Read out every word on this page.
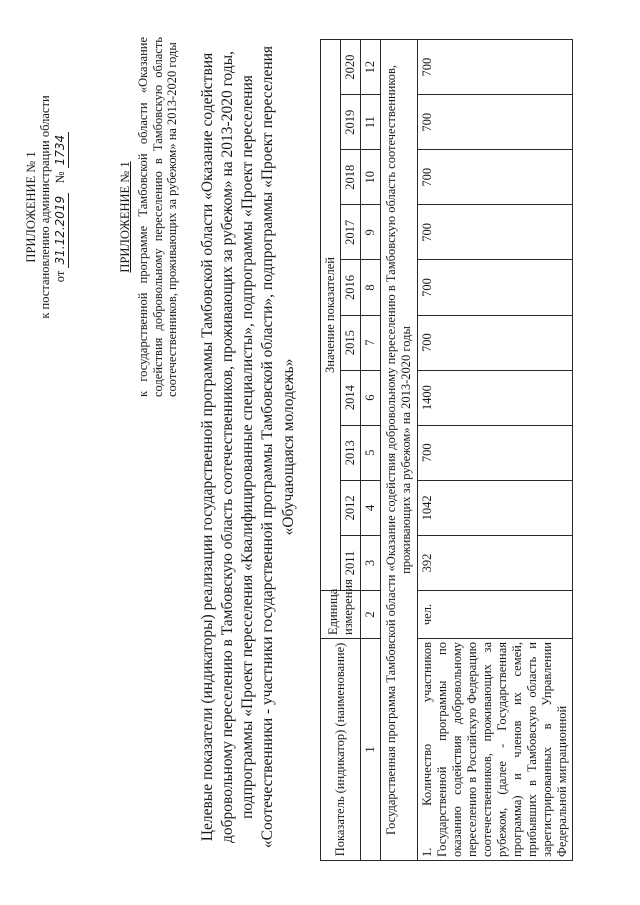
ПРИЛОЖЕНИЕ № 1 к постановлению администрации области от 31.12.2019   № 1734
ПРИЛОЖЕНИЕ № 1 к государственной программе Тамбовской области «Оказание содействия добровольному переселению в Тамбовскую область соотечественников, проживающих за рубежом» на 2013-2020 годы Целевые показатели (индикаторы) реализации государственной программы Тамбовской области «Оказание содействия добровольному переселению в Тамбовскую область соотечественников, проживающих за рубежом» на 2013-2020 годы, подпрограммы «Проект переселения «Квалифицированные специалисты», подпрограммы «Проект переселения «Соотечественники - участники государственной программы Тамбовской области», подпрограммы «Проект переселения «Обучающаяся молодежь»
Показатель (индикатор) (наименование)	Единица измерения	Значение показателей									
		2011	2012	2013	2014	2015	2016	2017	2018	2019	2020
1	2	3	4	5	6	7	8	9	10	11	12
Государственная программа Тамбовской области «Оказание содействия добровольному переселению в Тамбовскую область соотечественников, проживающих за рубежом» на 2013-2020 годы											
1. Количество участников Государственной программы по оказанию содействия добровольному переселению в Российскую Федерацию соотечественников, проживающих за рубежом, (далее - Государственная программа) и членов их семей, прибывших в Тамбовскую область и зарегистрированных в Управлении Федеральной миграционной	чел.	392	1042	700	1400	700	700	700	700	700	700
